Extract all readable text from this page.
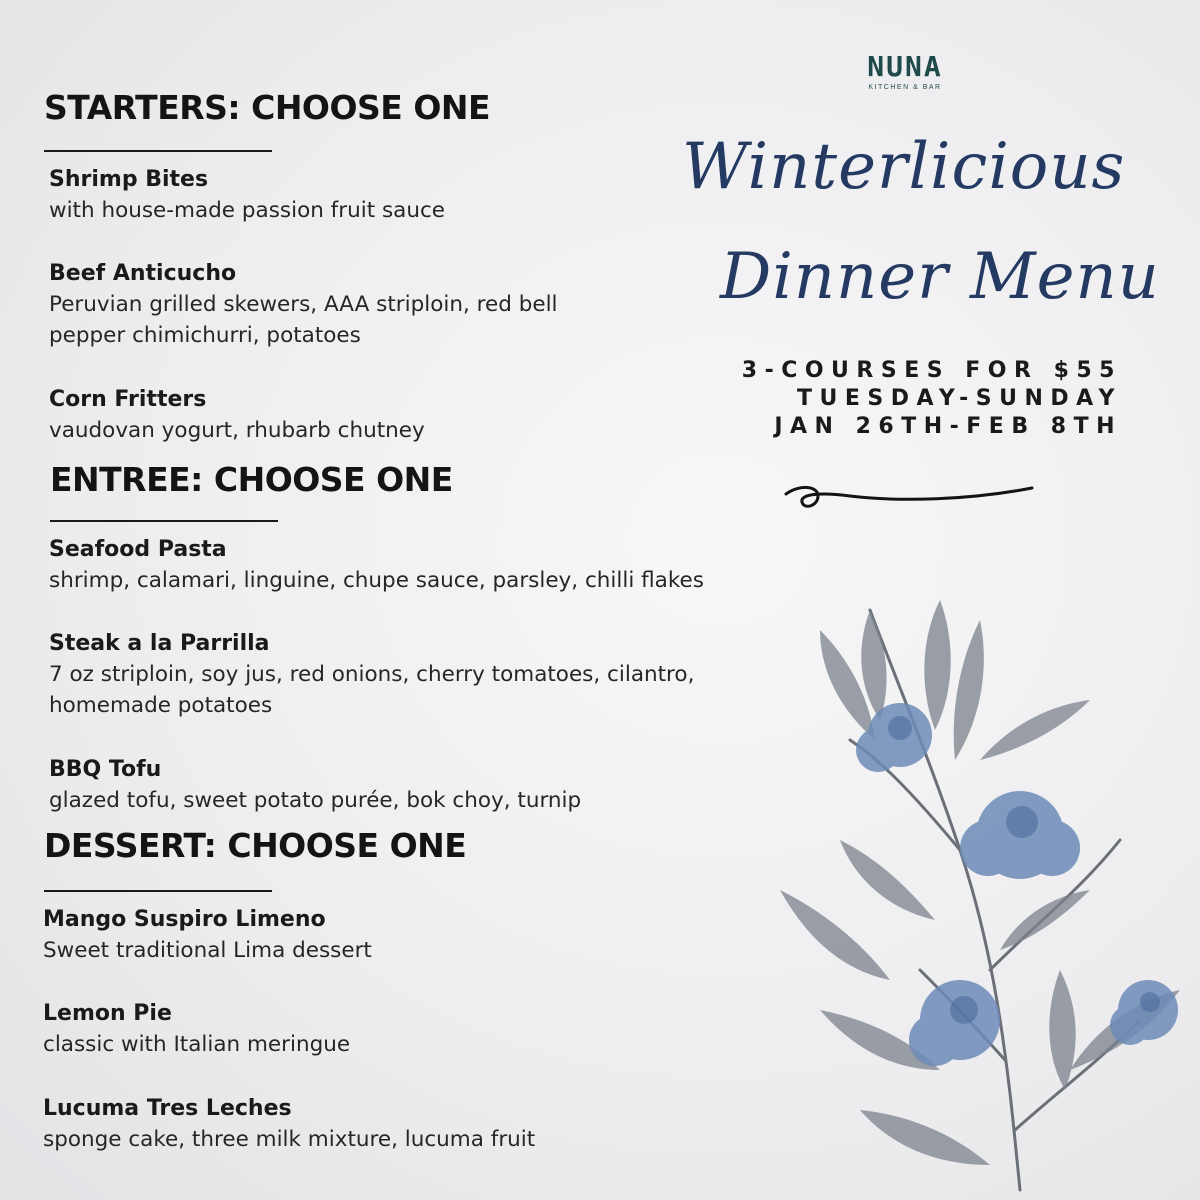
STARTERS: CHOOSE ONE
Shrimp Bites
with house-made passion fruit sauce
Beef Anticucho
Peruvian grilled skewers, AAA striploin, red bell pepper chimichurri, potatoes
Corn Fritters
vaudovan yogurt, rhubarb chutney
ENTREE: CHOOSE ONE
Seafood Pasta
shrimp, calamari, linguine, chupe sauce, parsley, chilli flakes
Steak a la Parrilla
7 oz striploin, soy jus, red onions, cherry tomatoes, cilantro, homemade potatoes
BBQ Tofu
glazed tofu, sweet potato purée, bok choy, turnip
DESSERT: CHOOSE ONE
Mango Suspiro Limeno
Sweet traditional Lima dessert
Lemon Pie
classic with Italian meringue
Lucuma Tres Leches
sponge cake, three milk mixture, lucuma fruit
NUNA
KITCHEN & BAR
Winterlicious
Dinner Menu
3-COURSES FOR $55
TUESDAY-SUNDAY
JAN 26TH-FEB 8TH
